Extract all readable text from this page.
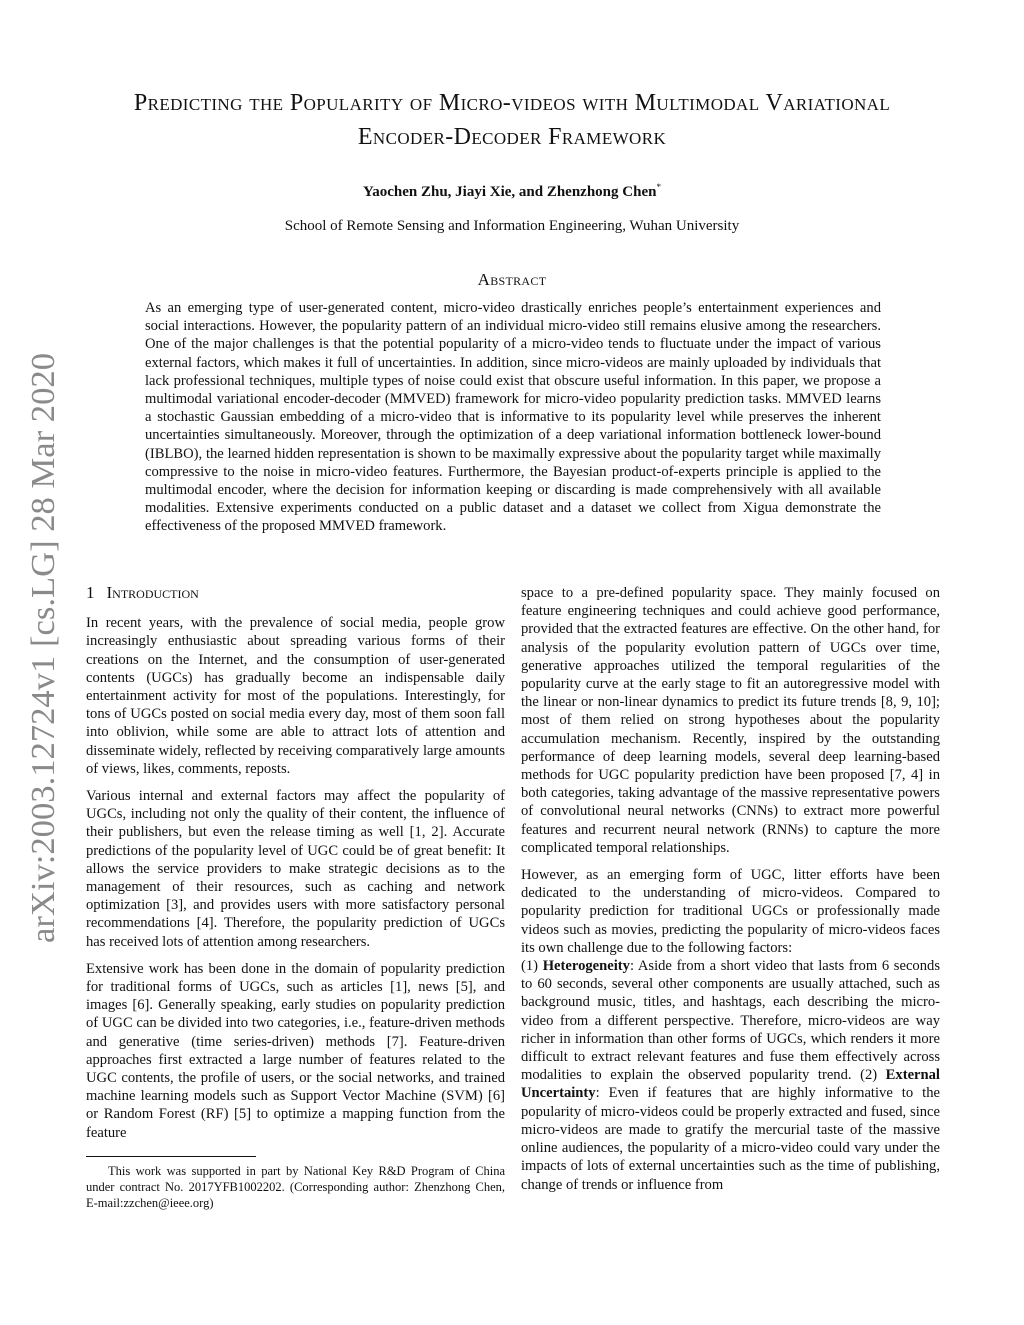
arXiv:2003.12724v1 [cs.LG] 28 Mar 2020
Predicting the Popularity of Micro-videos with Multimodal Variational
Encoder-Decoder Framework
Yaochen Zhu, Jiayi Xie, and Zhenzhong Chen*
School of Remote Sensing and Information Engineering, Wuhan University
Abstract
As an emerging type of user-generated content, micro-video drastically enriches people’s entertainment experiences and social interactions. However, the popularity pattern of an individual micro-video still remains elusive among the researchers. One of the major challenges is that the potential popularity of a micro-video tends to fluctuate under the impact of various external factors, which makes it full of uncertainties. In addition, since micro-videos are mainly uploaded by individuals that lack professional techniques, multiple types of noise could exist that obscure useful information. In this paper, we propose a multimodal variational encoder-decoder (MMVED) framework for micro-video popularity prediction tasks. MMVED learns a stochastic Gaussian embedding of a micro-video that is informative to its popularity level while preserves the inherent uncertainties simultaneously. Moreover, through the optimization of a deep variational information bottleneck lower-bound (IBLBO), the learned hidden representation is shown to be maximally expressive about the popularity target while maximally compressive to the noise in micro-video features. Furthermore, the Bayesian product-of-experts principle is applied to the multimodal encoder, where the decision for information keeping or discarding is made comprehensively with all available modalities. Extensive experiments conducted on a public dataset and a dataset we collect from Xigua demonstrate the effectiveness of the proposed MMVED framework.
1 Introduction

In recent years, with the prevalence of social media, people grow increasingly enthusiastic about spreading various forms of their creations on the Internet, and the consumption of user-generated contents (UGCs) has gradually become an indispensable daily entertainment activity for most of the populations. Interestingly, for tons of UGCs posted on social media every day, most of them soon fall into oblivion, while some are able to attract lots of attention and disseminate widely, reflected by receiving comparatively large amounts of views, likes, comments, reposts.

Various internal and external factors may affect the popularity of UGCs, including not only the quality of their content, the influence of their publishers, but even the release timing as well [1, 2]. Accurate predictions of the popularity level of UGC could be of great benefit: It allows the service providers to make strategic decisions as to the management of their resources, such as caching and network optimization [3], and provides users with more satisfactory personal recommendations [4]. Therefore, the popularity prediction of UGCs has received lots of attention among researchers.

Extensive work has been done in the domain of popularity prediction for traditional forms of UGCs, such as articles [1], news [5], and images [6]. Generally speaking, early studies on popularity prediction of UGC can be divided into two categories, i.e., feature-driven methods and generative (time series-driven) methods [7]. Feature-driven approaches first extracted a large number of features related to the UGC contents, the profile of users, or the social networks, and trained machine learning models such as Support Vector Machine (SVM) [6] or Random Forest (RF) [5] to optimize a mapping function from the feature

This work was supported in part by National Key R&D Program of China under contract No. 2017YFB1002202. (Corresponding author: Zhenzhong Chen, E-mail:zzchen@ieee.org)

space to a pre-defined popularity space. They mainly focused on feature engineering techniques and could achieve good performance, provided that the extracted features are effective. On the other hand, for analysis of the popularity evolution pattern of UGCs over time, generative approaches utilized the temporal regularities of the popularity curve at the early stage to fit an autoregressive model with the linear or non-linear dynamics to predict its future trends [8, 9, 10]; most of them relied on strong hypotheses about the popularity accumulation mechanism. Recently, inspired by the outstanding performance of deep learning models, several deep learning-based methods for UGC popularity prediction have been proposed [7, 4] in both categories, taking advantage of the massive representative powers of convolutional neural networks (CNNs) to extract more powerful features and recurrent neural network (RNNs) to capture the more complicated temporal relationships.

However, as an emerging form of UGC, litter efforts have been dedicated to the understanding of micro-videos. Compared to popularity prediction for traditional UGCs or professionally made videos such as movies, predicting the popularity of micro-videos faces its own challenge due to the following factors:

(1) Heterogeneity: Aside from a short video that lasts from 6 seconds to 60 seconds, several other components are usually attached, such as background music, titles, and hashtags, each describing the micro-video from a different perspective. Therefore, micro-videos are way richer in information than other forms of UGCs, which renders it more difficult to extract relevant features and fuse them effectively across modalities to explain the observed popularity trend. (2) External Uncertainty: Even if features that are highly informative to the popularity of micro-videos could be properly extracted and fused, since micro-videos are made to gratify the mercurial taste of the massive online audiences, the popularity of a micro-video could vary under the impacts of lots of external uncertainties such as the time of publishing, change of trends or influence from
